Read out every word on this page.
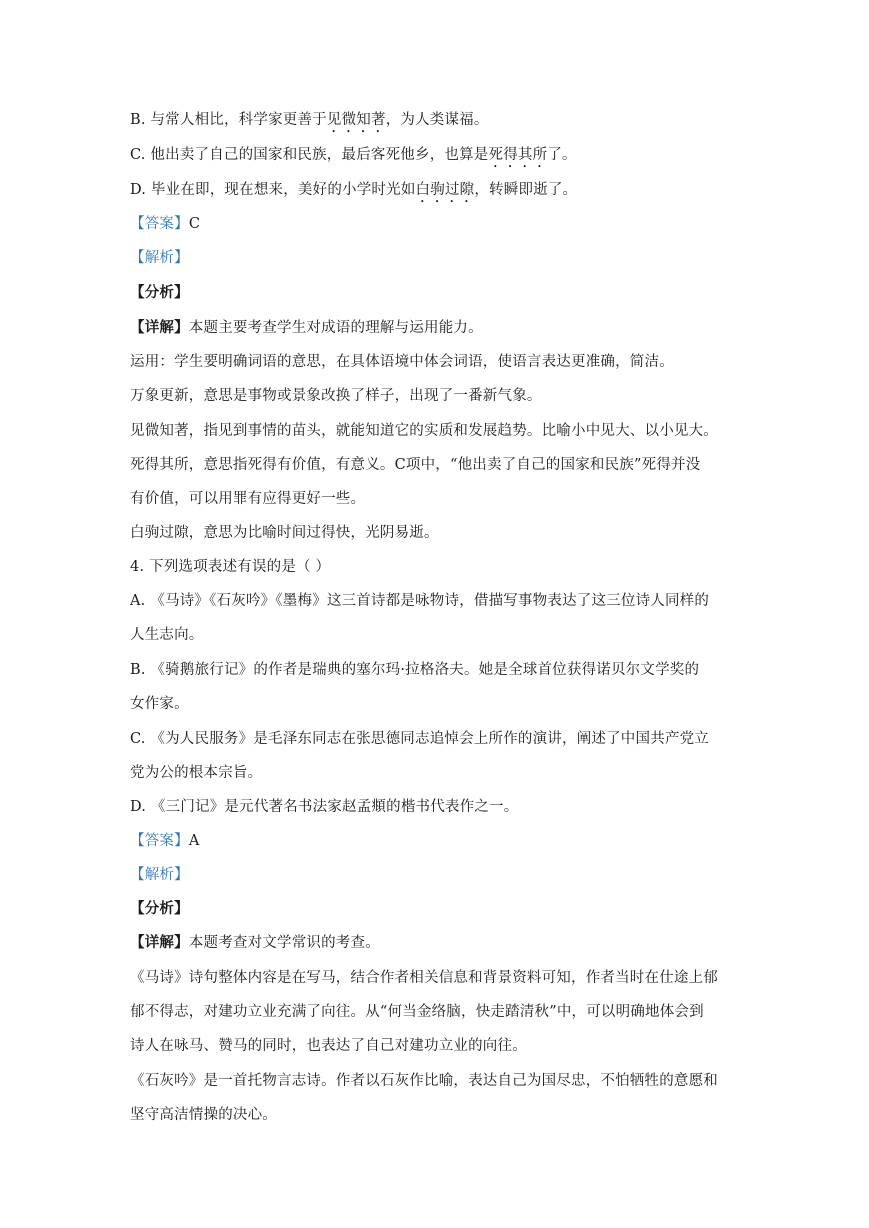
B. 与常人相比，科学家更善于见微知著，为人类谋福。
C. 他出卖了自己的国家和民族，最后客死他乡，也算是死得其所了。
D. 毕业在即，现在想来，美好的小学时光如白驹过隙，转瞬即逝了。
【答案】C
【解析】
【分析】
【详解】本题主要考查学生对成语的理解与运用能力。
运用：学生要明确词语的意思，在具体语境中体会词语，使语言表达更准确，简洁。
万象更新，意思是事物或景象改换了样子，出现了一番新气象。
见微知著，指见到事情的苗头，就能知道它的实质和发展趋势。比喻小中见大、以小见大。
死得其所，意思指死得有价值，有意义。C项中，“他出卖了自己的国家和民族”死得并没
有价值，可以用罪有应得更好一些。
白驹过隙，意思为比喻时间过得快，光阴易逝。
4. 下列选项表述有误的是（ ）
A. 《马诗》《石灰吟》《墨梅》这三首诗都是咏物诗，借描写事物表达了这三位诗人同样的
人生志向。
B. 《骑鹅旅行记》的作者是瑞典的塞尔玛·拉格洛夫。她是全球首位获得诺贝尔文学奖的
女作家。
C. 《为人民服务》是毛泽东同志在张思德同志追悼会上所作的演讲，阐述了中国共产党立
党为公的根本宗旨。
D. 《三门记》是元代著名书法家赵孟頫的楷书代表作之一。
【答案】A
【解析】
【分析】
【详解】本题考查对文学常识的考查。
《马诗》诗句整体内容是在写马，结合作者相关信息和背景资料可知，作者当时在仕途上郁
郁不得志，对建功立业充满了向往。从“何当金络脑，快走踏清秋”中，可以明确地体会到
诗人在咏马、赞马的同时，也表达了自己对建功立业的向往。
《石灰吟》是一首托物言志诗。作者以石灰作比喻，表达自己为国尽忠，不怕牺牲的意愿和
坚守高洁情操的决心。
